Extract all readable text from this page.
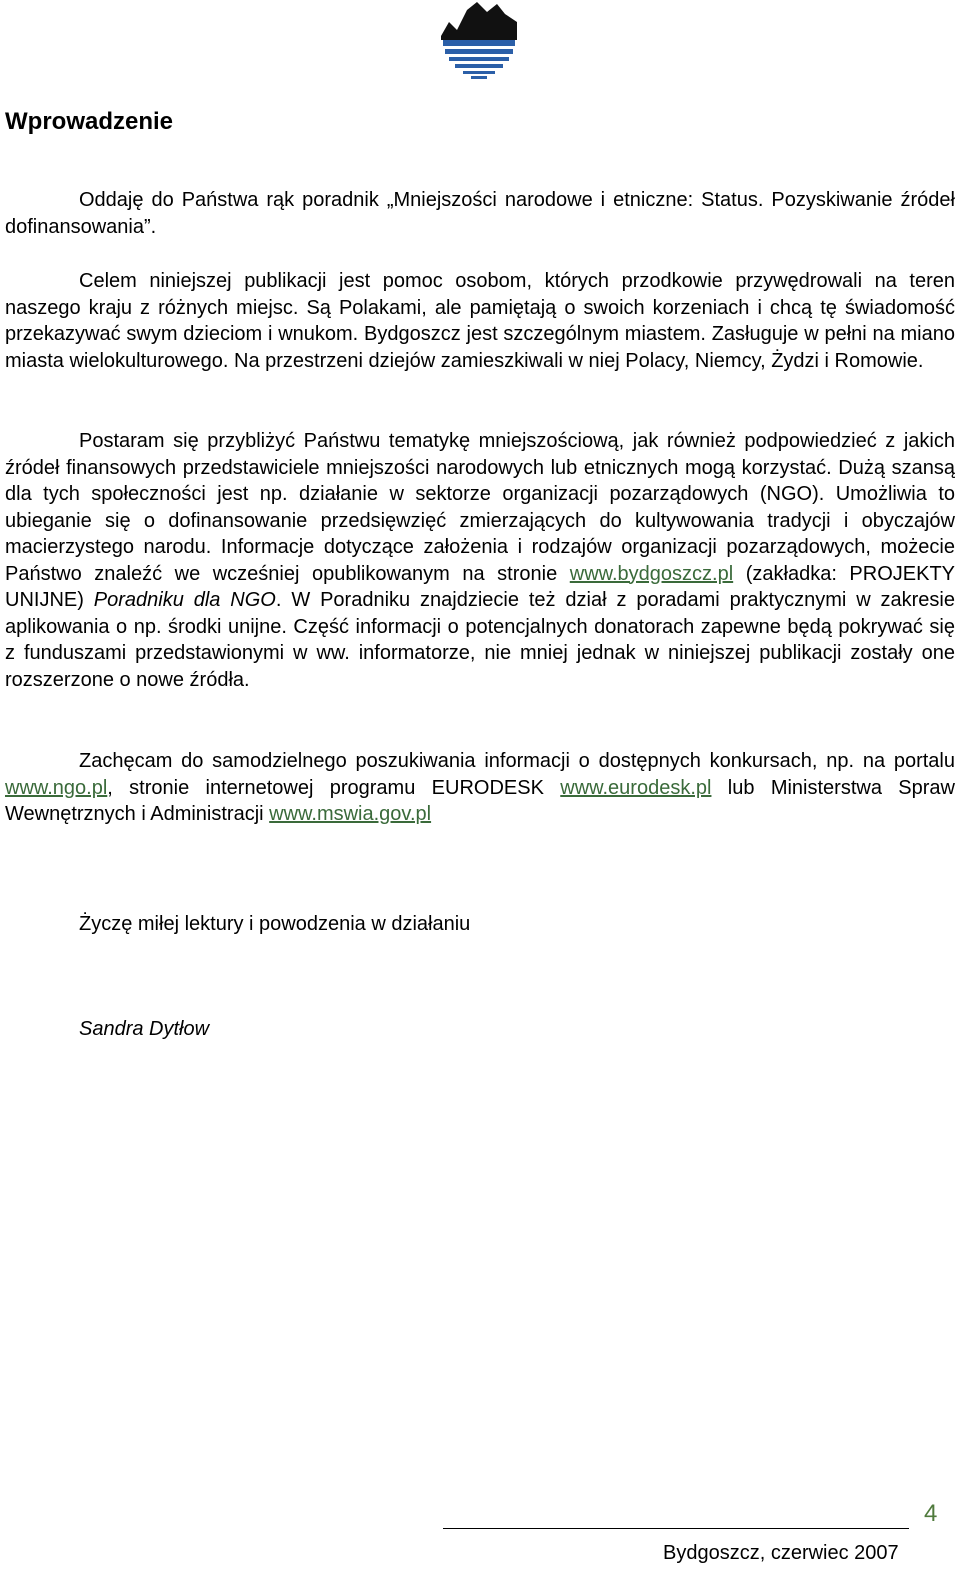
Wprowadzenie

Oddaję do Państwa rąk poradnik „Mniejszości narodowe i etniczne: Status. Pozyskiwanie źródeł dofinansowania”.

Celem niniejszej publikacji jest pomoc osobom, których przodkowie przywędrowali na teren naszego kraju z różnych miejsc. Są Polakami, ale pamiętają o swoich korzeniach i chcą tę świadomość przekazywać swym dzieciom i wnukom. Bydgoszcz jest szczególnym miastem. Zasługuje w pełni na miano miasta wielokulturowego. Na przestrzeni dziejów zamieszkiwali w niej Polacy, Niemcy, Żydzi i Romowie.

Postaram się przybliżyć Państwu tematykę mniejszościową, jak również podpowiedzieć z jakich źródeł finansowych przedstawiciele mniejszości narodowych lub etnicznych mogą korzystać. Dużą szansą dla tych społeczności jest np. działanie w sektorze organizacji pozarządowych (NGO). Umożliwia to ubieganie się o dofinansowanie przedsięwzięć zmierzających do kultywowania tradycji i obyczajów macierzystego narodu. Informacje dotyczące założenia i rodzajów organizacji pozarządowych, możecie Państwo znaleźć we wcześniej opublikowanym na stronie www.bydgoszcz.pl (zakładka: PROJEKTY UNIJNE) Poradniku dla NGO. W Poradniku znajdziecie też dział z poradami praktycznymi w zakresie aplikowania o np. środki unijne. Część informacji o potencjalnych donatorach zapewne będą pokrywać się z funduszami przedstawionymi w ww. informatorze, nie mniej jednak w niniejszej publikacji zostały one rozszerzone o nowe źródła.

Zachęcam do samodzielnego poszukiwania informacji o dostępnych konkursach, np. na portalu www.ngo.pl, stronie internetowej programu EURODESK www.eurodesk.pl lub Ministerstwa Spraw Wewnętrznych i Administracji www.mswia.gov.pl

Życzę miłej lektury i powodzenia w działaniu
Sandra Dytłow
4
Bydgoszcz, czerwiec 2007
